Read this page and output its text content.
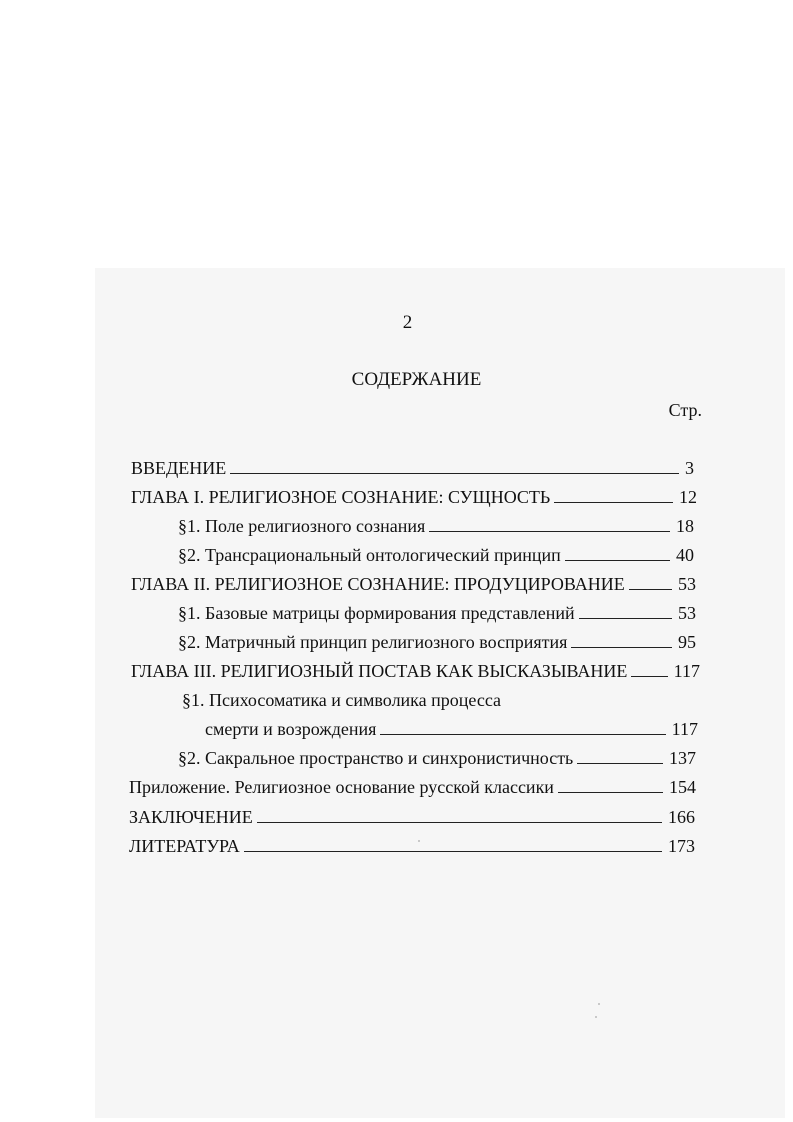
2
СОДЕРЖАНИЕ
Стр.
ВВЕДЕНИЕ	3
ГЛАВА I. РЕЛИГИОЗНОЕ СОЗНАНИЕ: СУЩНОСТЬ	12
§1. Поле религиозного сознания	18
§2. Трансрациональный онтологический принцип	40
ГЛАВА II. РЕЛИГИОЗНОЕ СОЗНАНИЕ: ПРОДУЦИРОВАНИЕ	53
§1. Базовые матрицы формирования представлений	53
§2. Матричный принцип религиозного восприятия	95
ГЛАВА III. РЕЛИГИОЗНЫЙ ПОСТАВ КАК ВЫСКАЗЫВАНИЕ	117
§1. Психосоматика и символика процесса
смерти и возрождения	117
§2. Сакральное пространство и синхронистичность	137
Приложение. Религиозное основание русской классики	154
ЗАКЛЮЧЕНИЕ	166
ЛИТЕРАТУРА	173
